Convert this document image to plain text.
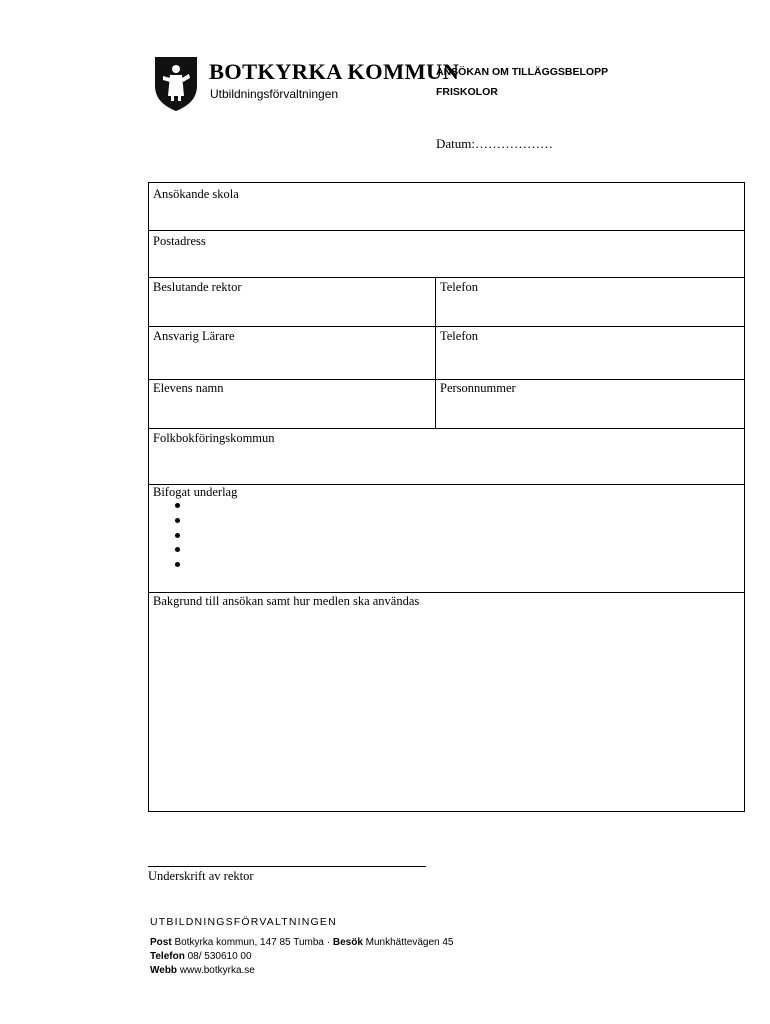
BOTKYRKA KOMMUN
Utbildningsförvaltningen
ANSÖKAN OM TILLÄGGSBELOPP
FRISKOLOR
Datum:………………
Ansökande skola
Postadress
Beslutande rektor	Telefon
Ansvarig Lärare	Telefon
Elevens namn	Personnummer
Folkbokföringskommun
Bifogat underlag
Bakgrund till ansökan samt hur medlen ska användas
Underskrift av rektor
UTBILDNINGSFÖRVALTNINGEN
Post Botkyrka kommun, 147 85 Tumba · Besök Munkhättevägen 45
Telefon 08/ 530610 00
Webb www.botkyrka.se
